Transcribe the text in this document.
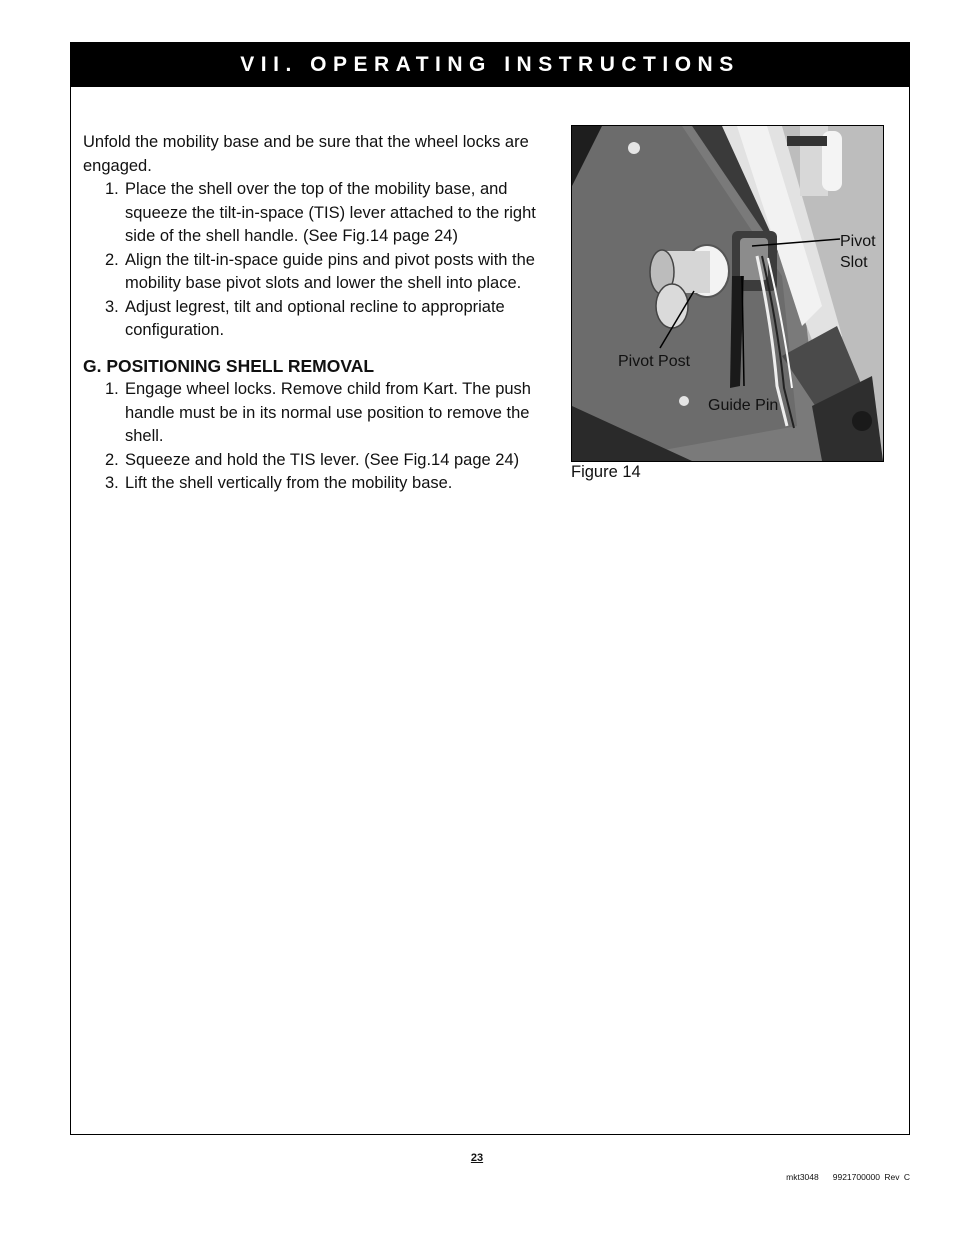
VII. OPERATING INSTRUCTIONS

Unfold the mobility base and be sure that the wheel locks are engaged.

1. Place the shell over the top of the mobility base, and squeeze the tilt-in-space (TIS) lever attached to the right side of the shell handle. (See Fig.14 page 24)
2. Align the tilt-in-space guide pins and pivot posts with the mobility base pivot slots and lower the shell into place.
3. Adjust legrest, tilt and optional recline to appropriate configuration.
G. POSITIONING SHELL REMOVAL
1. Engage wheel locks. Remove child from Kart. The push handle must be in its normal use position to remove the shell.
2. Squeeze and hold the TIS lever. (See Fig.14 page 24)
3. Lift the shell vertically from the mobility base.
Pivot
Slot
Pivot Post
Guide Pin
Figure 14
23
mkt3048 9921700000 Rev C
